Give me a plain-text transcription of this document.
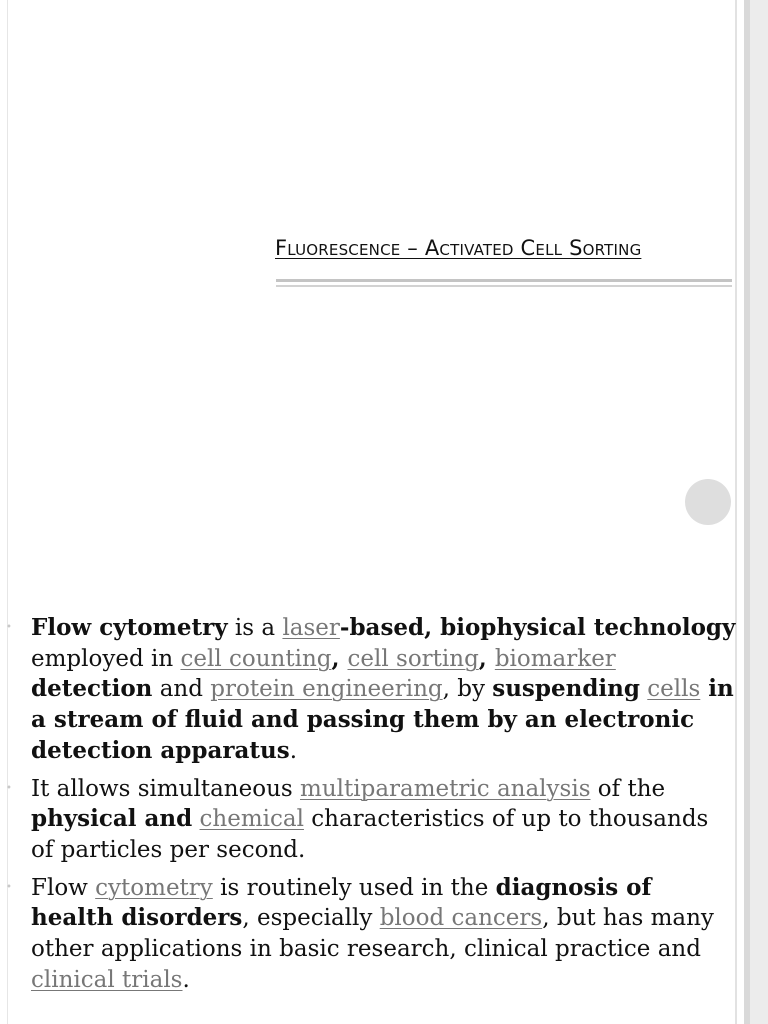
Fluorescence – Activated Cell Sorting

• Flow cytometry is a laser-based, biophysical technology employed in cell counting, cell sorting, biomarker detection and protein engineering, by suspending cells in a stream of fluid and passing them by an electronic detection apparatus.

• It allows simultaneous multiparametric analysis of the physical and chemical characteristics of up to thousands of particles per second.

• Flow cytometry is routinely used in the diagnosis of health disorders, especially blood cancers, but has many other applications in basic research, clinical practice and clinical trials.
